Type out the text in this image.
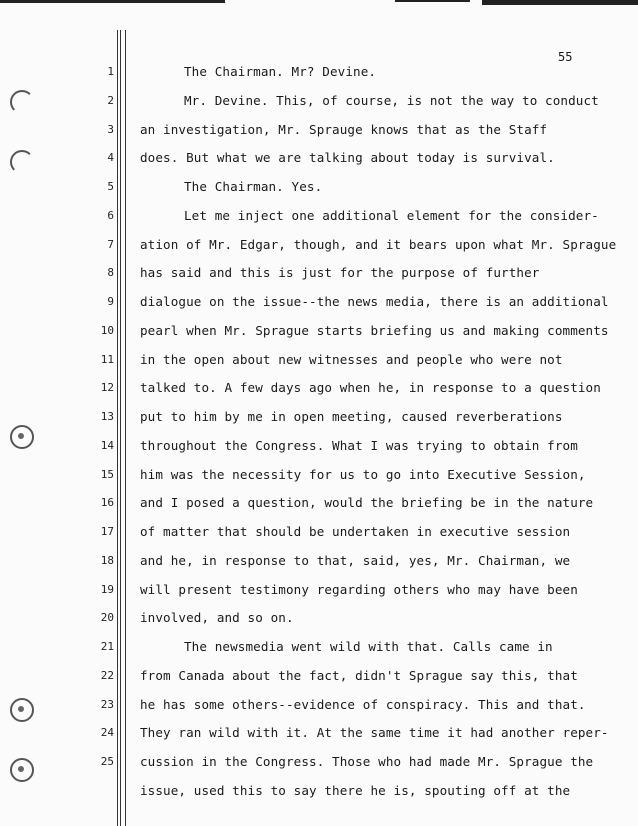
55
1	The Chairman. Mr? Devine.
2	Mr. Devine. This, of course, is not the way to conduct
3 an investigation, Mr. Sprauge knows that as the Staff
4 does. But what we are talking about today is survival.
5	The Chairman. Yes.
6	Let me inject one additional element for the consider-
7 ation of Mr. Edgar, though, and it bears upon what Mr. Sprague
8 has said and this is just for the purpose of further
9 dialogue on the issue--the news media, there is an additional
10 pearl when Mr. Sprague starts briefing us and making comments
11 in the open about new witnesses and people who were not
12 talked to. A few days ago when he, in response to a question
13 put to him by me in open meeting, caused reverberations
14 throughout the Congress. What I was trying to obtain from
15 him was the necessity for us to go into Executive Session,
16 and I posed a question, would the briefing be in the nature
17 of matter that should be undertaken in executive session
18 and he, in response to that, said, yes, Mr. Chairman, we
19 will present testimony regarding others who may have been
20 involved, and so on.
21	The newsmedia went wild with that. Calls came in
22 from Canada about the fact, didn't Sprague say this, that
23 he has some others--evidence of conspiracy. This and that.
24 They ran wild with it. At the same time it had another reper-
25 cussion in the Congress. Those who had made Mr. Sprague the
issue, used this to say there he is, spouting off at the
